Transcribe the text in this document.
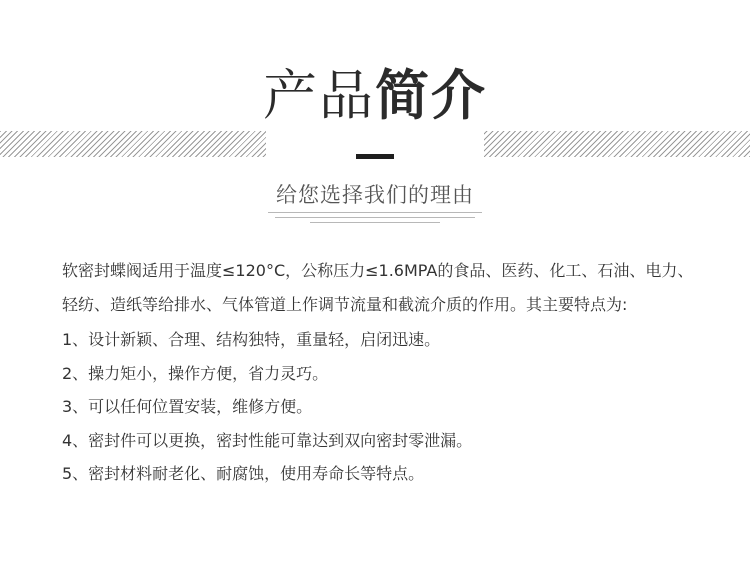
产品简介
给您选择我们的理由

软密封蝶阀适用于温度≤120°C，公称压力≤1.6MPA的食品、医药、化工、石油、电力、轻纺、造纸等给排水、气体管道上作调节流量和截流介质的作用。其主要特点为:

1、设计新颖、合理、结构独特，重量轻，启闭迅速。

2、操力矩小，操作方便，省力灵巧。

3、可以任何位置安装，维修方便。

4、密封件可以更换，密封性能可靠达到双向密封零泄漏。

5、密封材料耐老化、耐腐蚀，使用寿命长等特点。
